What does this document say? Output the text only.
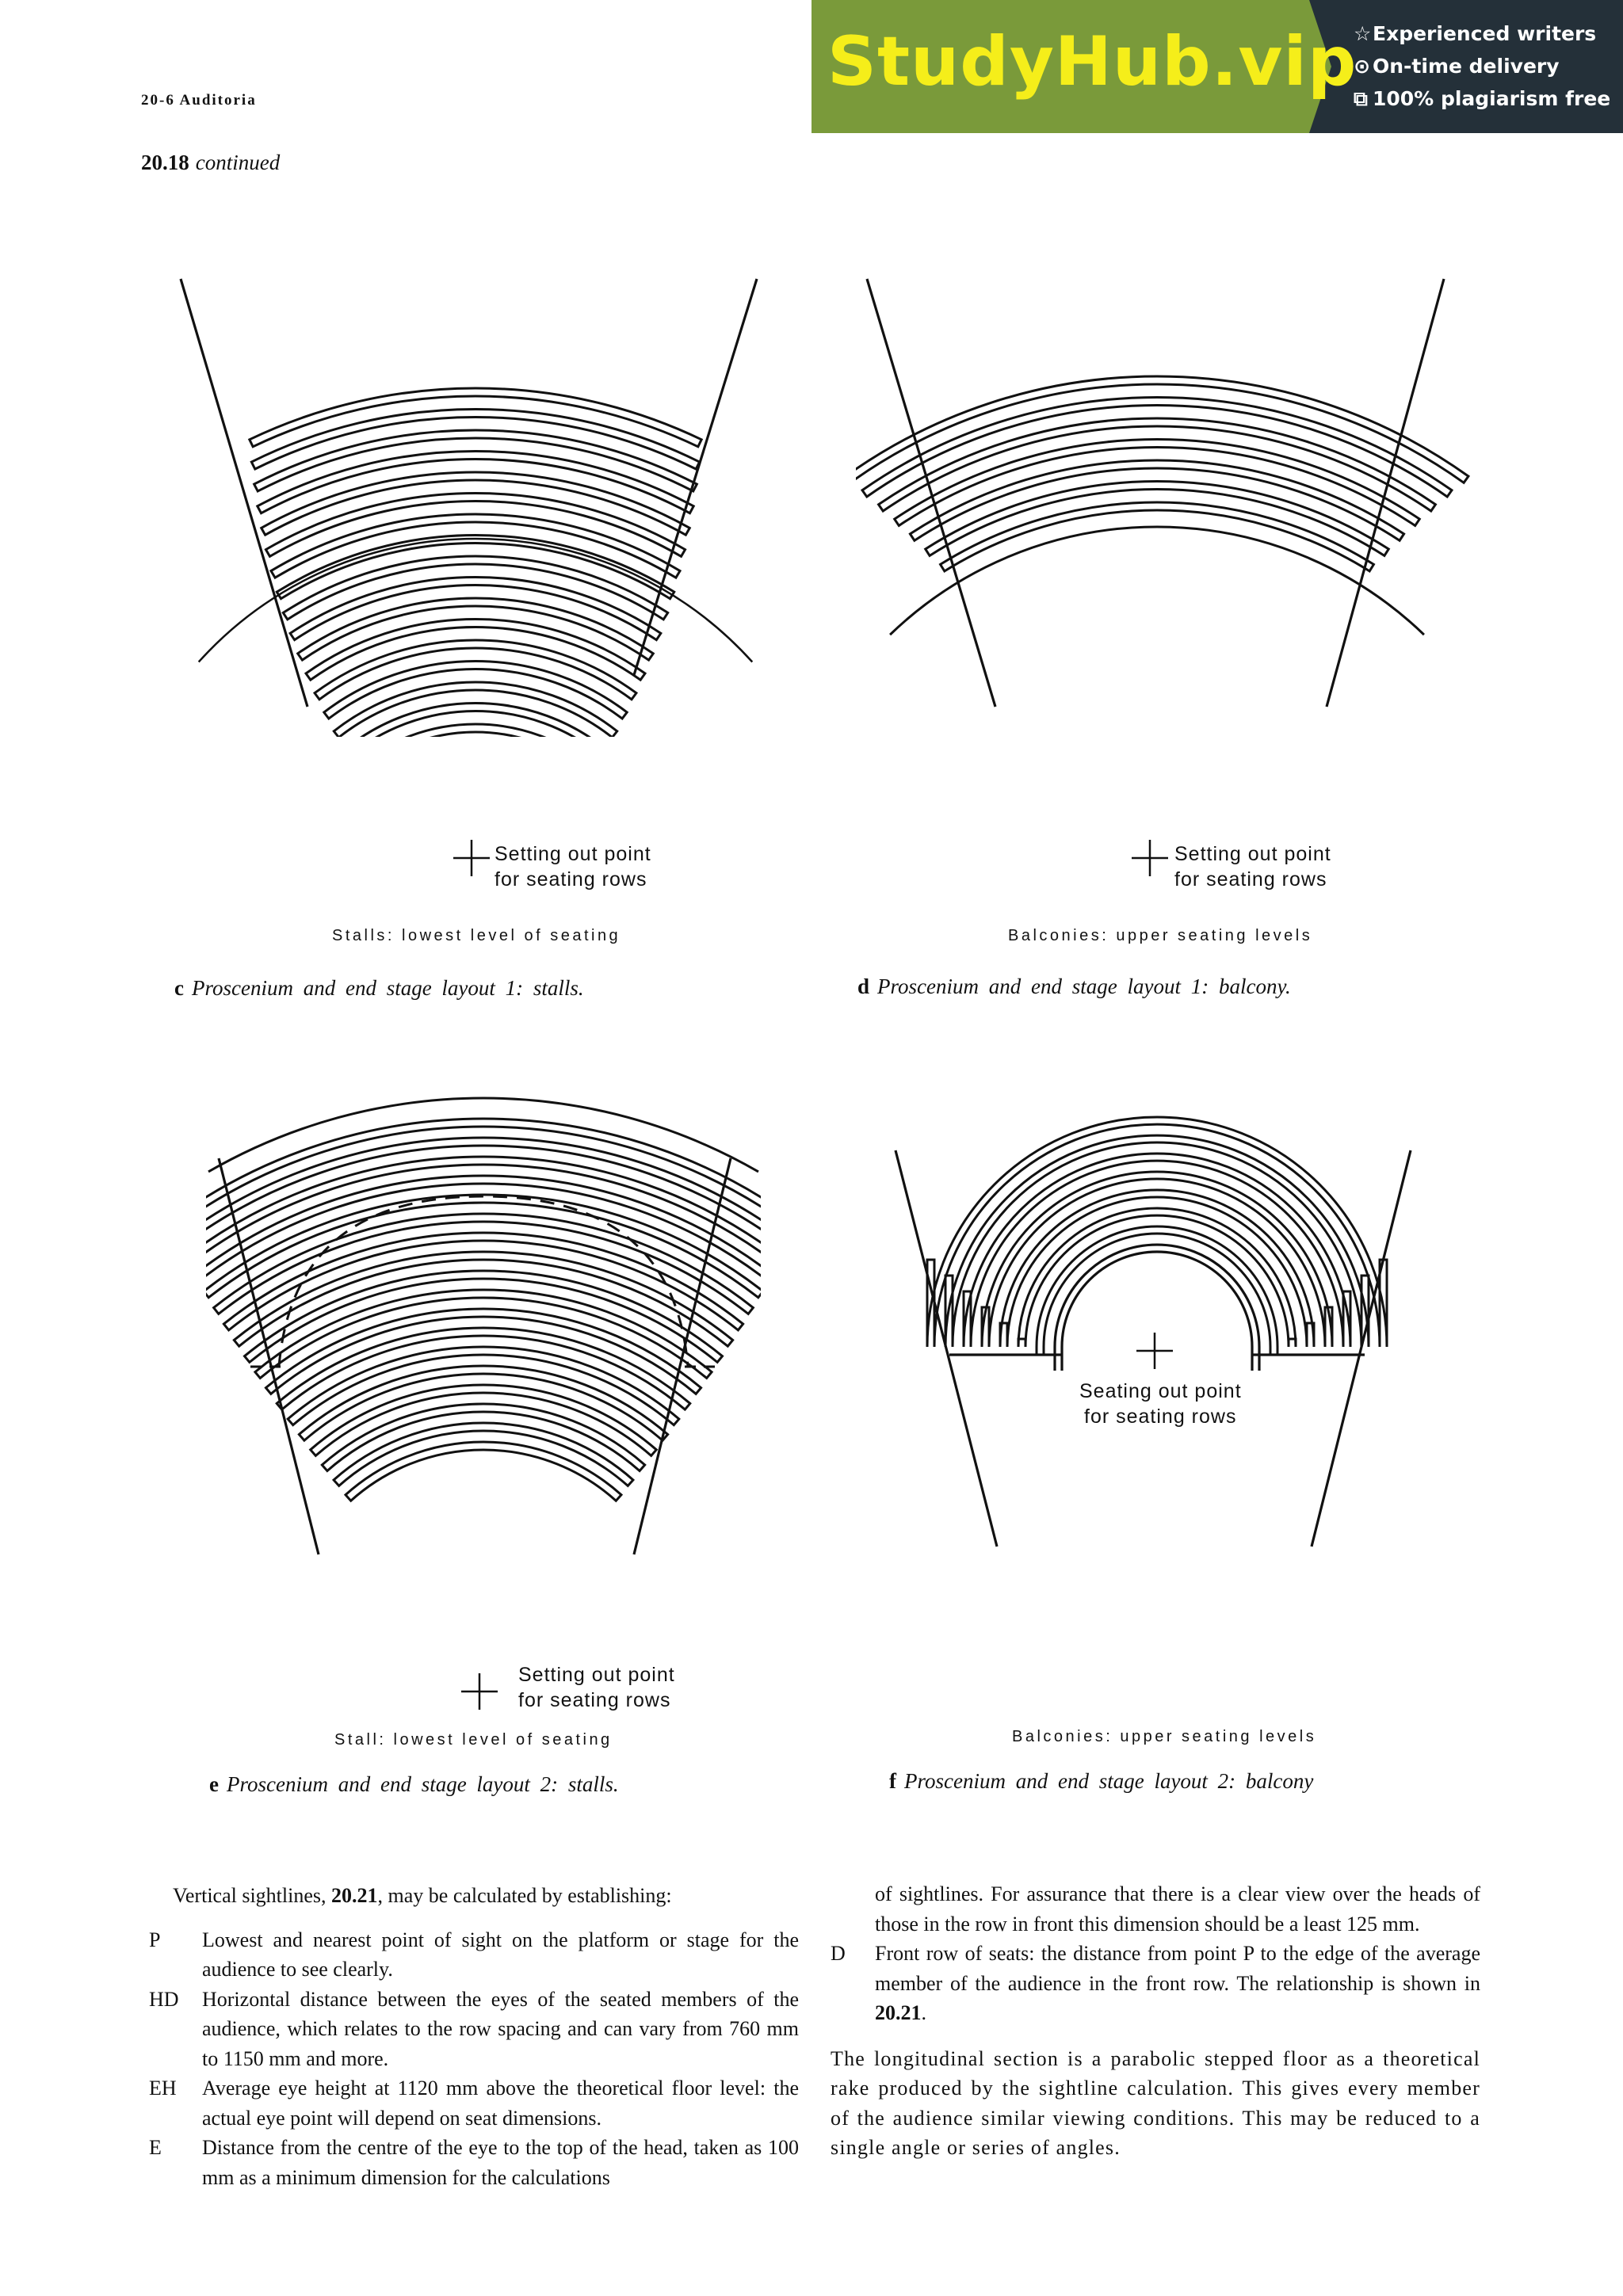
20-6 Auditoria
20.18 continued
StudyHub.vip
☆Experienced writers
⊙ On-time delivery
⧉ 100% plagiarism free
Setting out point
for seating rows
Stalls: lowest level of seating
c Proscenium and end stage layout 1: stalls.
Setting out point
for seating rows
Balconies: upper seating levels
d Proscenium and end stage layout 1: balcony.
Setting out point
for seating rows
Stall: lowest level of seating
e Proscenium and end stage layout 2: stalls.
Seating out point
for seating rows
Balconies: upper seating levels
f Proscenium and end stage layout 2: balcony

Vertical sightlines, 20.21, may be calculated by establishing:

P Lowest and nearest point of sight on the platform or stage for the audience to see clearly.
HD Horizontal distance between the eyes of the seated members of the audience, which relates to the row spacing and can vary from 760 mm to 1150 mm and more.
EH Average eye height at 1120 mm above the theoretical floor level: the actual eye point will depend on seat dimensions.
E Distance from the centre of the eye to the top of the head, taken as 100 mm as a minimum dimension for the calculations

of sightlines. For assurance that there is a clear view over the heads of those in the row in front this dimension should be a least 125 mm.

D Front row of seats: the distance from point P to the edge of the average member of the audience in the front row. The relationship is shown in 20.21.

The longitudinal section is a parabolic stepped floor as a theoretical rake produced by the sightline calculation. This gives every member of the audience similar viewing conditions. This may be reduced to a single angle or series of angles.
